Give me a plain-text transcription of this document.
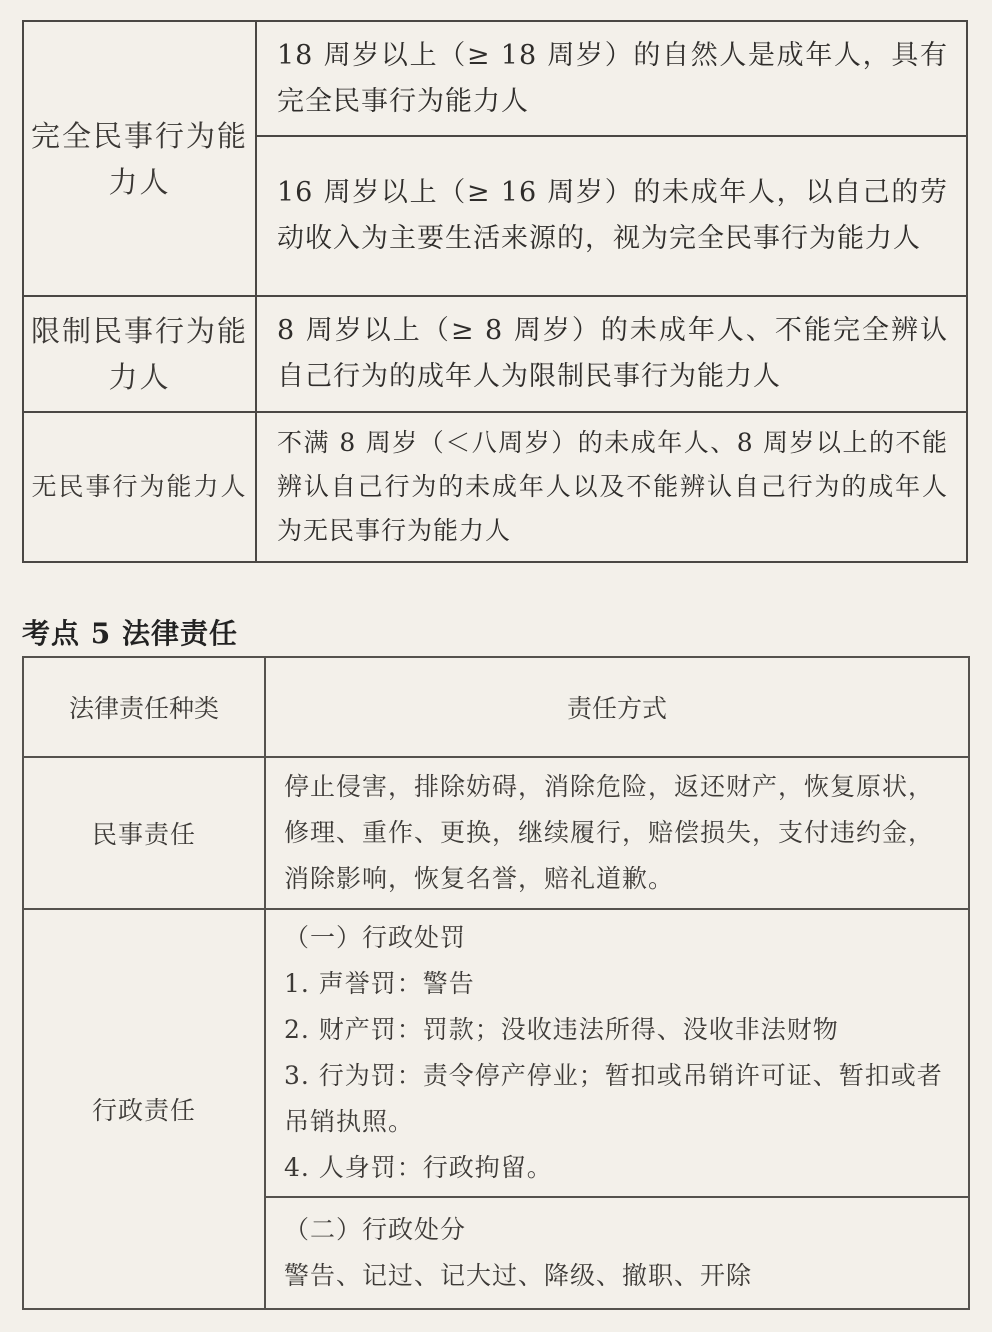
完全民事行为能力人	18 周岁以上（≥ 18 周岁）的自然人是成年人，具有完全民事行为能力人
	16 周岁以上（≥ 16 周岁）的未成年人，以自己的劳动收入为主要生活来源的，视为完全民事行为能力人
限制民事行为能力人	8 周岁以上（≥ 8 周岁）的未成年人、不能完全辨认自己行为的成年人为限制民事行为能力人
无民事行为能力人	不满 8 周岁（＜八周岁）的未成年人、8 周岁以上的不能辨认自己行为的未成年人以及不能辨认自己行为的成年人为无民事行为能力人
考点 5 法律责任
法律责任种类	责任方式
民事责任	停止侵害，排除妨碍，消除危险，返还财产，恢复原状，修理、重作、更换，继续履行，赔偿损失，支付违约金，消除影响，恢复名誉，赔礼道歉。
行政责任	（一）行政处罚
1. 声誉罚：警告
2. 财产罚：罚款；没收违法所得、没收非法财物
3. 行为罚：责令停产停业；暂扣或吊销许可证、暂扣或者吊销执照。
4. 人身罚：行政拘留。

	（二）行政处分
警告、记过、记大过、降级、撤职、开除
